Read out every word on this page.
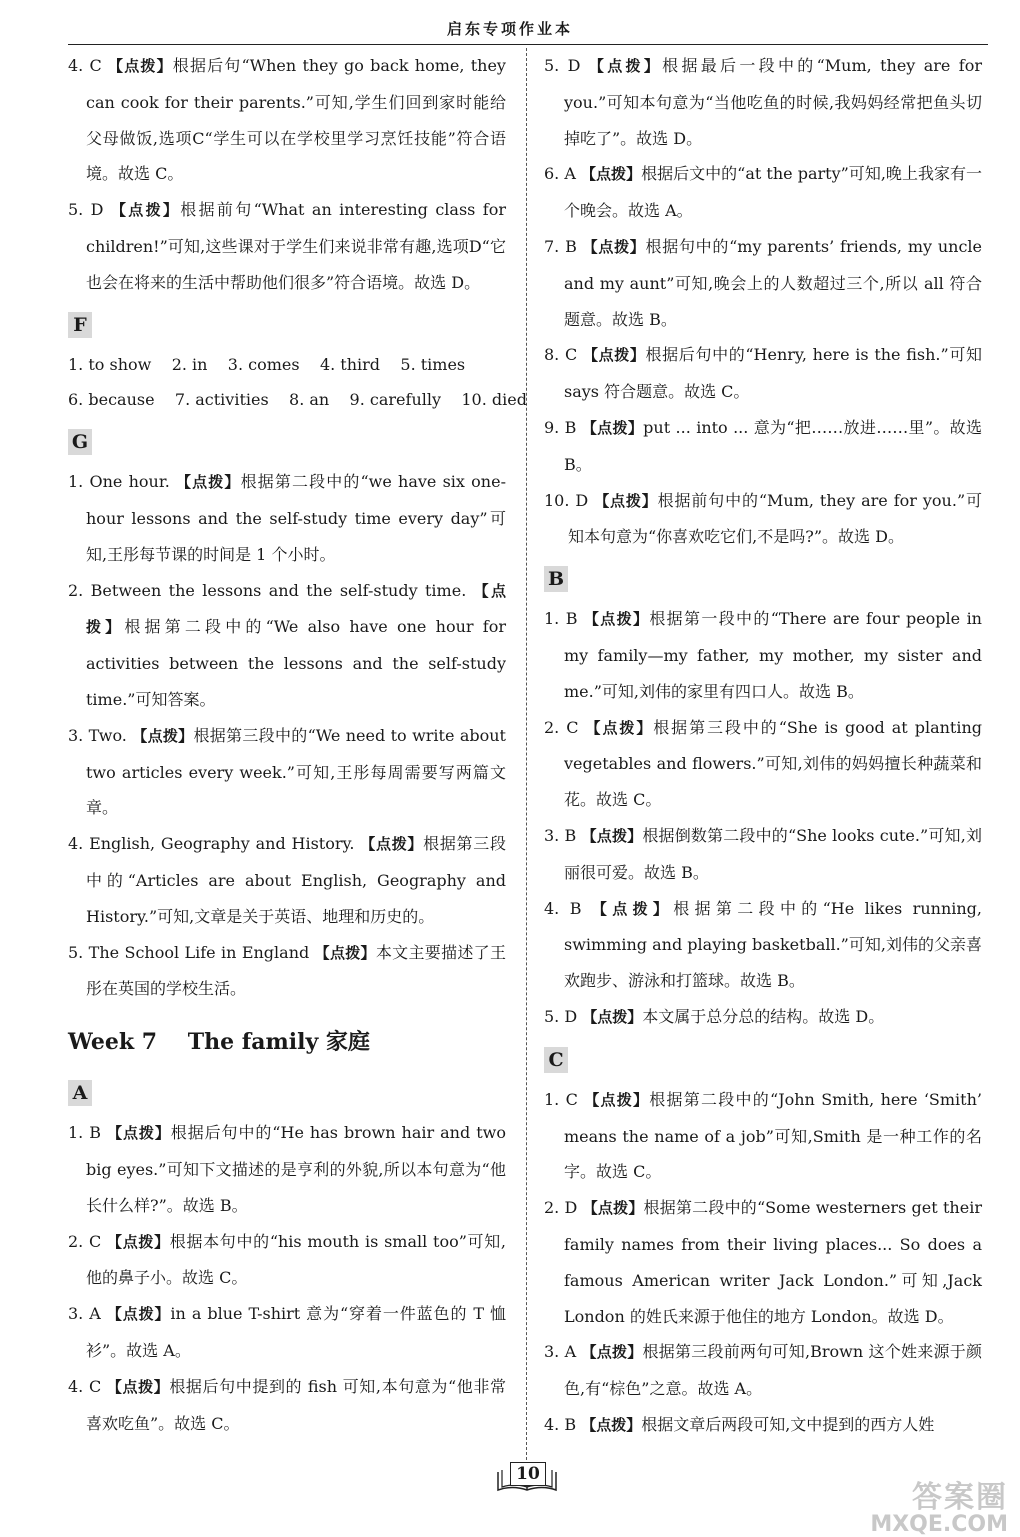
启东专项作业本

4. C 【点拨】根据后句“When they go back home, they can cook for their parents.”可知,学生们回到家时能给父母做饭,选项C“学生可以在学校里学习烹饪技能”符合语境。故选 C。

5. D 【点拨】根据前句“What an interesting class for children!”可知,这些课对于学生们来说非常有趣,选项D“它也会在将来的生活中帮助他们很多”符合语境。故选 D。

F

1. to show    2. in    3. comes    4. third    5. times

6. because    7. activities    8. an    9. carefully    10. died

G

1. One hour. 【点拨】根据第二段中的“we have six one-hour lessons and the self-study time every day”可知,王彤每节课的时间是 1 个小时。

2. Between the lessons and the self-study time. 【点拨】根据第二段中的“We also have one hour for activities between the lessons and the self-study time.”可知答案。

3. Two. 【点拨】根据第三段中的“We need to write about two articles every week.”可知,王彤每周需要写两篇文章。

4. English, Geography and History. 【点拨】根据第三段中的“Articles are about English, Geography and History.”可知,文章是关于英语、地理和历史的。

5. The School Life in England 【点拨】本文主要描述了王彤在英国的学校生活。

Week 7    The family 家庭
A

1. B 【点拨】根据后句中的“He has brown hair and two big eyes.”可知下文描述的是亨利的外貌,所以本句意为“他长什么样?”。故选 B。

2. C 【点拨】根据本句中的“his mouth is small too”可知,他的鼻子小。故选 C。

3. A 【点拨】in a blue T-shirt 意为“穿着一件蓝色的 T 恤衫”。故选 A。

4. C 【点拨】根据后句中提到的 fish 可知,本句意为“他非常喜欢吃鱼”。故选 C。

5. D 【点拨】根据最后一段中的“Mum, they are for you.”可知本句意为“当他吃鱼的时候,我妈妈经常把鱼头切掉吃了”。故选 D。

6. A 【点拨】根据后文中的“at the party”可知,晚上我家有一个晚会。故选 A。

7. B 【点拨】根据句中的“my parents’ friends, my uncle and my aunt”可知,晚会上的人数超过三个,所以 all 符合题意。故选 B。

8. C 【点拨】根据后句中的“Henry, here is the fish.”可知 says 符合题意。故选 C。

9. B 【点拨】put ... into ... 意为“把……放进……里”。故选 B。

10. D 【点拨】根据前句中的“Mum, they are for you.”可知本句意为“你喜欢吃它们,不是吗?”。故选 D。

B

1. B 【点拨】根据第一段中的“There are four people in my family—my father, my mother, my sister and me.”可知,刘伟的家里有四口人。故选 B。

2. C 【点拨】根据第三段中的“She is good at planting vegetables and flowers.”可知,刘伟的妈妈擅长种蔬菜和花。故选 C。

3. B 【点拨】根据倒数第二段中的“She looks cute.”可知,刘丽很可爱。故选 B。

4. B 【点拨】根据第二段中的“He likes running, swimming and playing basketball.”可知,刘伟的父亲喜欢跑步、游泳和打篮球。故选 B。

5. D 【点拨】本文属于总分总的结构。故选 D。

C

1. C 【点拨】根据第二段中的“John Smith, here ‘Smith’ means the name of a job”可知,Smith 是一种工作的名字。故选 C。

2. D 【点拨】根据第二段中的“Some westerners get their family names from their living places... So does a famous American writer Jack London.”可知,Jack London 的姓氏来源于他住的地方 London。故选 D。

3. A 【点拨】根据第三段前两句可知,Brown 这个姓来源于颜色,有“棕色”之意。故选 A。

4. B 【点拨】根据文章后两段可知,文中提到的西方人姓

10
答案圈
MXQE.COM
